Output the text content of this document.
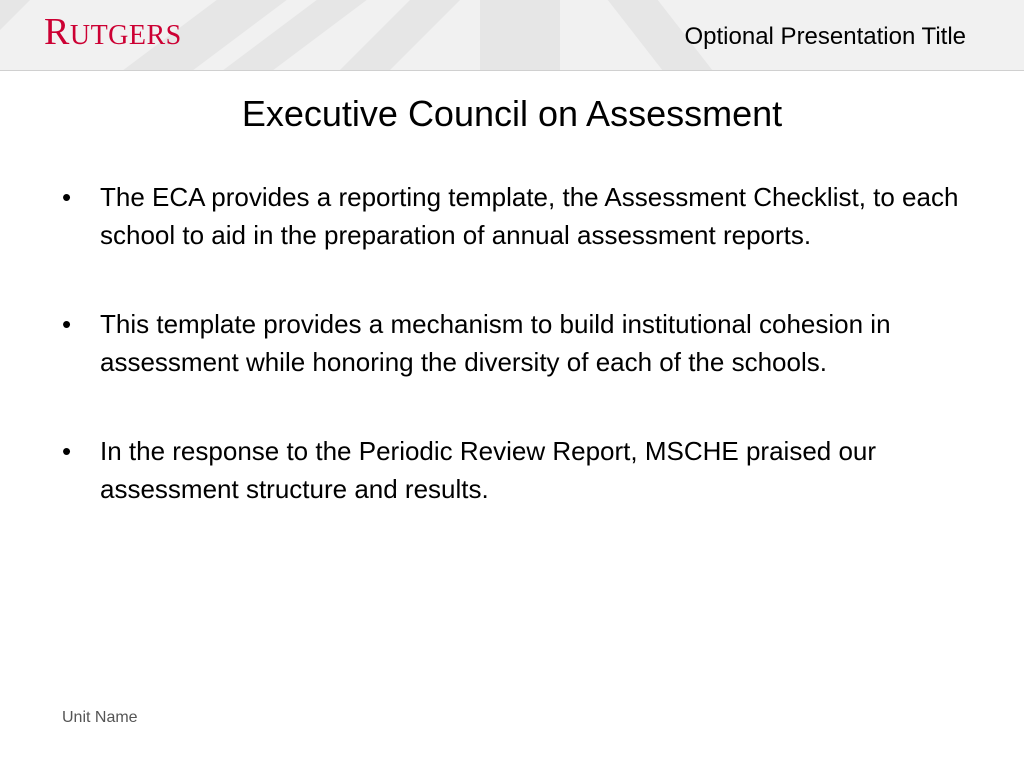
RUTGERS	Optional Presentation Title
Executive Council on Assessment
• The ECA provides a reporting template, the Assessment Checklist, to each school to aid in the preparation of annual assessment reports.
• This template provides a mechanism to build institutional cohesion in assessment while honoring the diversity of each of the schools.
• In the response to the Periodic Review Report, MSCHE praised our assessment structure and results.
Unit Name
